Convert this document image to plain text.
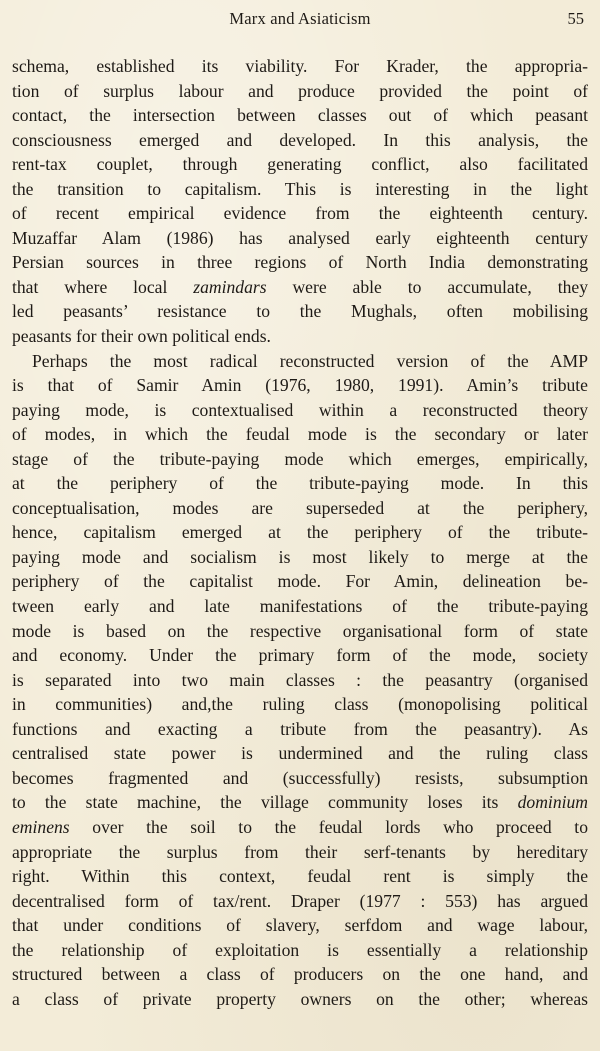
Marx and Asiaticism	55
schema, established its viability. For Krader, the appropria-
tion of surplus labour and produce provided the point of
contact, the intersection between classes out of which peasant
consciousness emerged and developed. In this analysis, the
rent-tax couplet, through generating conflict, also facilitated
the transition to capitalism. This is interesting in the light
of recent empirical evidence from the eighteenth century.
Muzaffar Alam (1986) has analysed early eighteenth century
Persian sources in three regions of North India demonstrating
that where local zamindars were able to accumulate, they
led peasants’ resistance to the Mughals, often mobilising
peasants for their own political ends.
Perhaps the most radical reconstructed version of the AMP
is that of Samir Amin (1976, 1980, 1991). Amin’s tribute
paying mode, is contextualised within a reconstructed theory
of modes, in which the feudal mode is the secondary or later
stage of the tribute-paying mode which emerges, empirically,
at the periphery of the tribute-paying mode. In this
conceptualisation, modes are superseded at the periphery,
hence, capitalism emerged at the periphery of the tribute-
paying mode and socialism is most likely to merge at the
periphery of the capitalist mode. For Amin, delineation be-
tween early and late manifestations of the tribute-paying
mode is based on the respective organisational form of state
and economy. Under the primary form of the mode, society
is separated into two main classes : the peasantry (organised
in communities) and,the ruling class (monopolising political
functions and exacting a tribute from the peasantry). As
centralised state power is undermined and the ruling class
becomes fragmented and (successfully) resists, subsumption
to the state machine, the village community loses its dominium
eminens over the soil to the feudal lords who proceed to
appropriate the surplus from their serf-tenants by hereditary
right. Within this context, feudal rent is simply the
decentralised form of tax/rent. Draper (1977 : 553) has argued
that under conditions of slavery, serfdom and wage labour,
the relationship of exploitation is essentially a relationship
structured between a class of producers on the one hand, and
a class of private property owners on the other; whereas
